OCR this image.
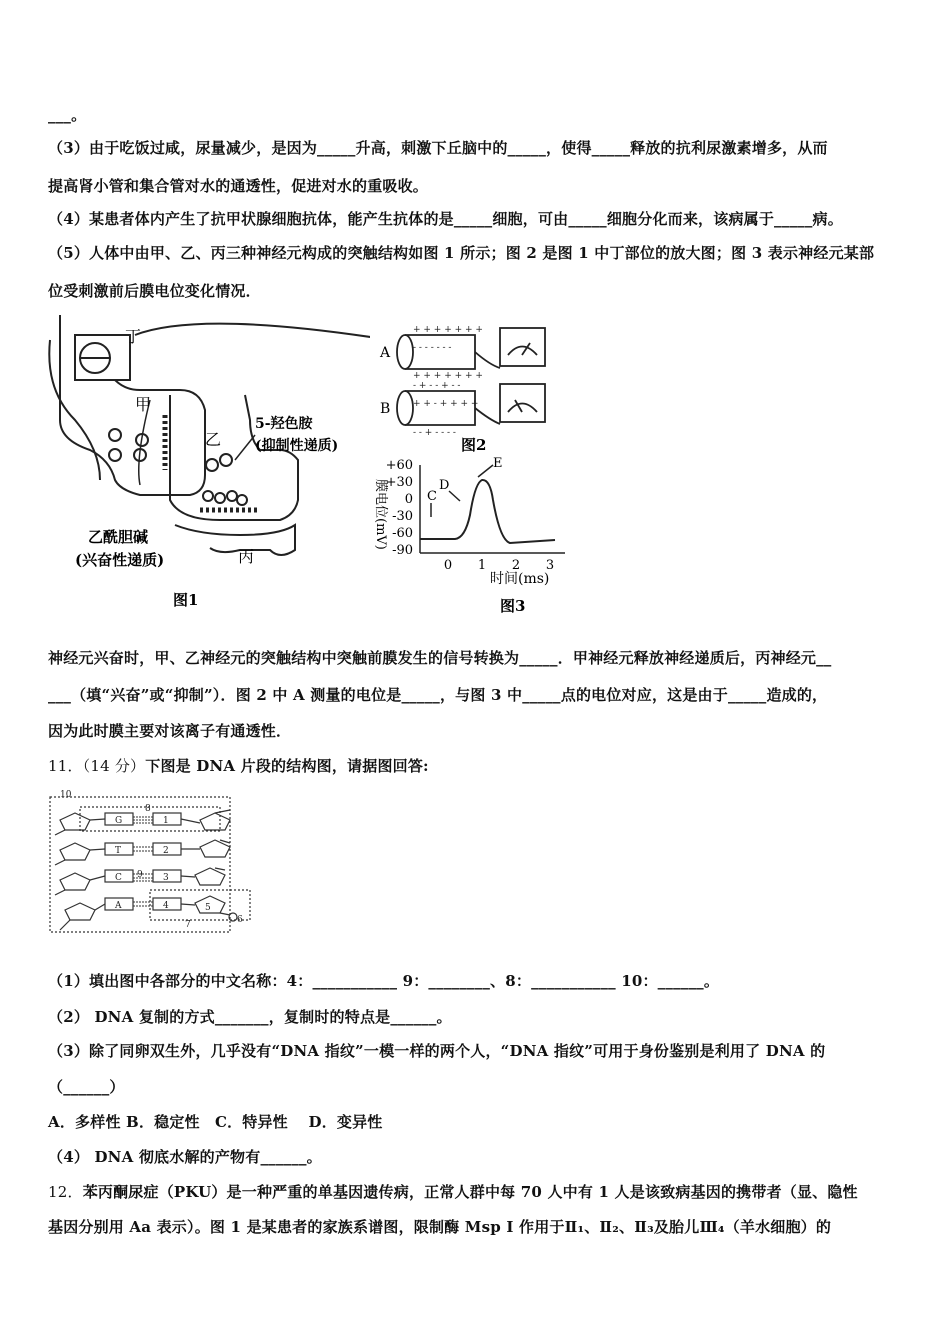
___。
（3）由于吃饭过咸，尿量减少，是因为_____升高，刺激下丘脑中的_____，使得_____释放的抗利尿激素增多，从而
提高肾小管和集合管对水的通透性，促进对水的重吸收。
（4）某患者体内产生了抗甲状腺细胞抗体，能产生抗体的是_____细胞，可由_____细胞分化而来，该病属于_____病。
（5）人体中由甲、乙、丙三种神经元构成的突触结构如图 1 所示；图 2 是图 1 中丁部位的放大图；图 3 表示神经元某部
位受刺激前后膜电位变化情况．
丁
甲
乙
丙
5-羟色胺
(抑制性递质)
乙酰胆碱
(兴奋性递质)
图1
+ + + + + + +
- - - - - - -
+ + + + + + +
- + - - + - -
+ + - + + + +
- - + - - - -
A
B
图2
+60
+30
0
-30
-60
-90
0 1 2 3
膜电位(mV)
时间(ms)
C
D
E
图3
神经元兴奋时，甲、乙神经元的突触结构中突触前膜发生的信号转换为_____．甲神经元释放神经递质后，丙神经元__
___（填“兴奋”或“抑制”）．图 2 中 A 测量的电位是_____，与图 3 中_____点的电位对应，这是由于_____造成的，
因为此时膜主要对该离子有通透性．
11．（14 分）下图是 DNA 片段的结构图，请据图回答:
10
8
9
7	6
5
1
2
3
4
G
T
C
A
（1）填出图中各部分的中文名称：4：___________ 9：________、8：___________ 10：______。
（2） DNA 复制的方式_______，复制时的特点是______。
（3）除了同卵双生外，几乎没有“DNA 指纹”一模一样的两个人，“DNA 指纹”可用于身份鉴别是利用了 DNA 的
（______）
A．多样性 B．稳定性　C．特异性　 D．变异性
（4） DNA 彻底水解的产物有______。
12．苯丙酮尿症（PKU）是一种严重的单基因遗传病，正常人群中每 70 人中有 1 人是该致病基因的携带者（显、隐性
基因分别用 Aa 表示）。图 1 是某患者的家族系谱图，限制酶 Msp I 作用于Ⅱ₁、Ⅱ₂、Ⅱ₃及胎儿Ⅲ₄（羊水细胞）的
